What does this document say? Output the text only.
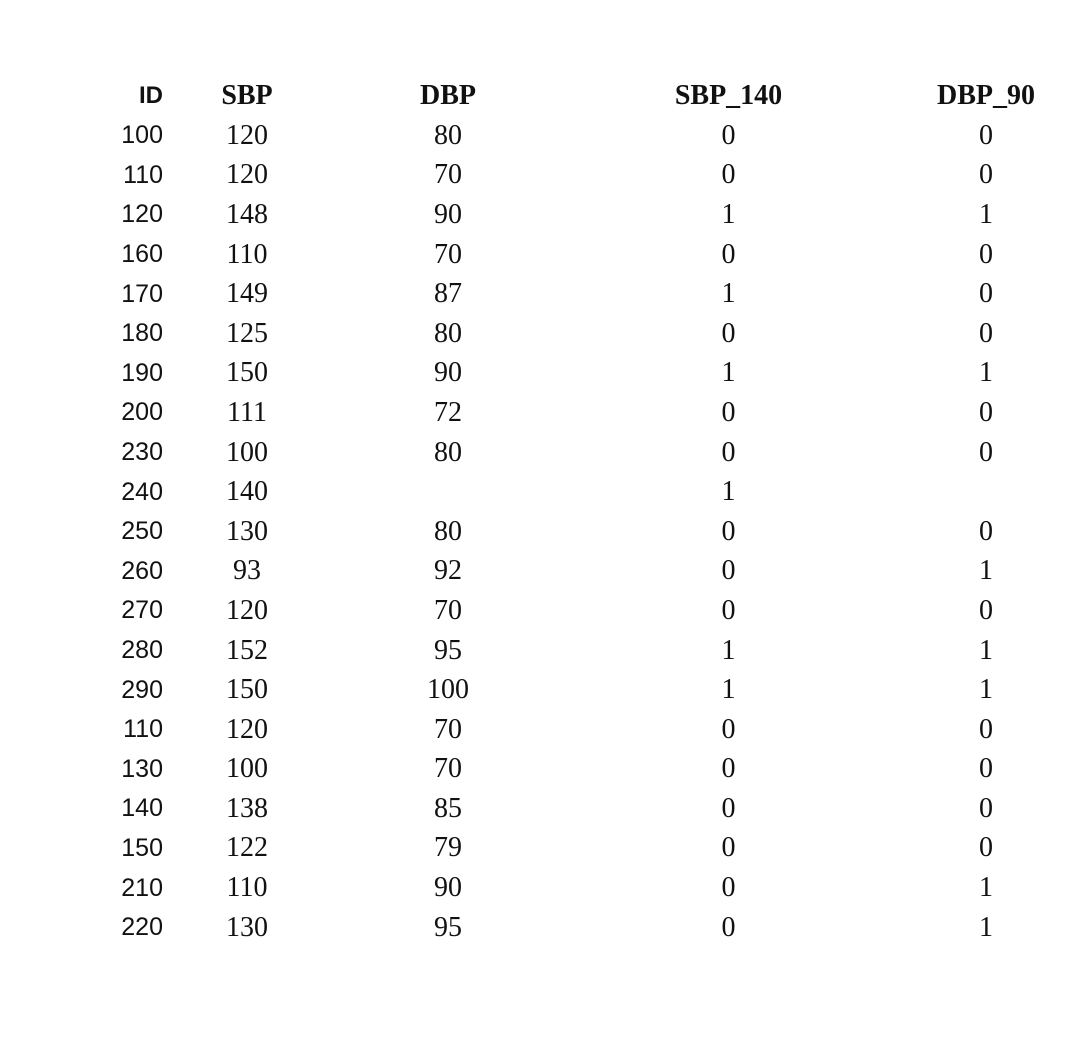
ID	SBP	DBP	SBP_140	DBP_90
100	120	80	0	0
110	120	70	0	0
120	148	90	1	1
160	110	70	0	0
170	149	87	1	0
180	125	80	0	0
190	150	90	1	1
200	111	72	0	0
230	100	80	0	0
240	140		1	
250	130	80	0	0
260	93	92	0	1
270	120	70	0	0
280	152	95	1	1
290	150	100	1	1
110	120	70	0	0
130	100	70	0	0
140	138	85	0	0
150	122	79	0	0
210	110	90	0	1
220	130	95	0	1
